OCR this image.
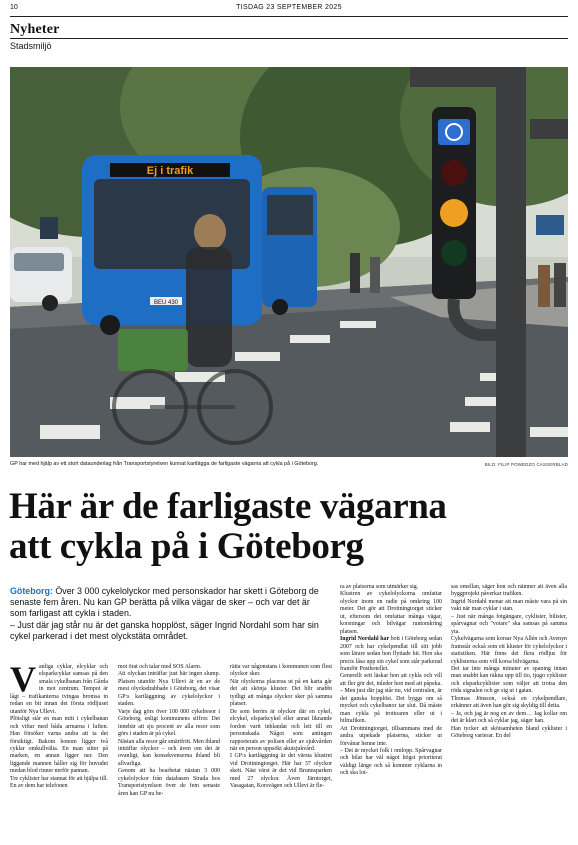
10	TISDAG 23 SEPTEMBER 2025
Nyheter
Stadsmiljö
Ej i trafik
BEU 430
GP har med hjälp av ett stort dataunderlag från Transportstyrelsen kunnat kartlägga de farligaste vägarna att cykla på i Göteborg.	BILD: FILIP POWEDZO CASSERBLAD
Här är de farligaste vägarna
att cykla på i Göteborg

Göteborg: Över 3 000 cykelolyckor med personskador har skett i Göteborg de senaste fem åren. Nu kan GP berätta på vilka vägar de sker – och var det är som farligast att cykla i staden.

– Just där jag står nu är det ganska hopplöst, säger Ingrid Nordahl som har sin cykel parkerad i det mest olyckstäta området.

Vanliga cyklar, elcyklar och elsparkcyklar samsas på den smala cykelbanan från Gårda in mot centrum. Tempot är lågt – trafikanterna tvingas bromsa in redan en bit innan det första rödljuset utanför Nya Ullevi.

Plötsligt står en man mitt i cykelbanan och viftar med båda armarna i luften. Han försöker varna andra att ta det försiktigt. Bakom honom ligger två cyklar omkullvälta. En man sitter på marken, en annan ligger ner. Den liggande mannen håller sig för huvudet medan blod rinner nerför pannan.

Tre cyklister har stannat för att hjälpa till. En av dem har telefonen

mot örat och talar med SOS Alarm.

Att olyckan inträffar just här ingen slump. Platsen utanför Nya Ullevi är en av de mest olycksdrabbade i Göteborg, det visar GP:s kartläggning av cykelolyckor i staden.

Varje dag görs över 100 000 cykelresor i Göteborg, enligt kommunens siffror. Det innebär att sju procent av alla resor som görs i staden är på cykel.

Nästan alla resor går smärtfritt. Men ibland inträffar olyckor – och även om det är ovanligt, kan konsekvenserna ibland bli allvarliga.

Genom att ha bearbetat nästan 3 000 cykelolyckor från databasen Strada hos Transportstyrelsen över de fem senaste åren kan GP nu be-

rätta var någonstans i kommunen som flest olyckor sker.

När olyckorna placeras ut på en karta går det att skönja kluster. Det blir snabbt tydligt att många olyckor sker på samma platser.

De som berörs är olyckor där en cykel, elcykel, elsparkcykel eller annat liknande fordon varit inblandat och lett till en personskada. Något som antingen rapporterats av polisen eller av sjukvården när en person uppsökt akutsjukvård.

I GP:s kartläggning är det värsta klustret vid Drottningtorget. Här har 37 olyckor skett. Näst värst är det vid Brunnsparken med 27 olyckor. Även Järntorget, Vasagatan, Korsvägen och Ullevi är fle-

ra av platserna som utmärker sig.

Klustren av cykelolyckorna omfattar olyckor inom en radie på omkring 100 meter. Det gör att Drottningtorget sticker ut, eftersom det omfattar många vägar, korsningar och bilvägar runtomkring platsen.

Ingrid Nordahl har bott i Göteborg sedan 2007 och har cykelpendlat till sitt jobb som lärare sedan hon flyttade hit. Hon ska precis låsa upp sin cykel som står parkerad framför Posthotellet.

Generellt sett läskar hon att cykla och vill att fler gör det, inleder hon med att påpeka.

– Men just där jag står nu, vid centralen, är det ganska hopplöst. Det byggs om så mycket och cykelbanor tar slut. Då måste man cykla på trottoaren eller ut i biltrafiken.

Att Drottningtorget, tillsammans med de andra utpekade platserna, sticker ut förvånar henne inte.

– Det är mycket folk i omlopp. Spårvagnar och bilar har väl något högst prioriterat väldigt länge och så kommer cyklarna in och ska lot-

sas emellan, säger hon och nämner att även alla byggprojekt påverkar trafiken.

Ingrid Nordahl menar att man måste vara på sin vakt när man cyklar i stan.

– Just när många fotgängare, cyklister, bilister, spårvagnar och "voiare" ska samsas på samma yta.

Cykelvägarna som korsar Nya Allén och Avenyn framstår också som ett kluster för cykelolyckor i statistiken. Här finns det flera rödljus för cyklisterna som vill korsa bilvägarna.

Det tar inte många minuter av spaning innan man snabbt kan räkna upp till tio, tjugo cyklister och elsparkcyklister som väljer att trotsa den röda signalen och ge sig ut i gatan.

Thomas Jönsson, också en cykelpendlare, erkänner att även han gör sig skyldig till detta.

– Ja, och jag är nog en av dem… Jag kollar om det är klart och så cyklar jag, säger han.

Han tycker att skötsamheten bland cyklister i Göteborg varierar. En del
